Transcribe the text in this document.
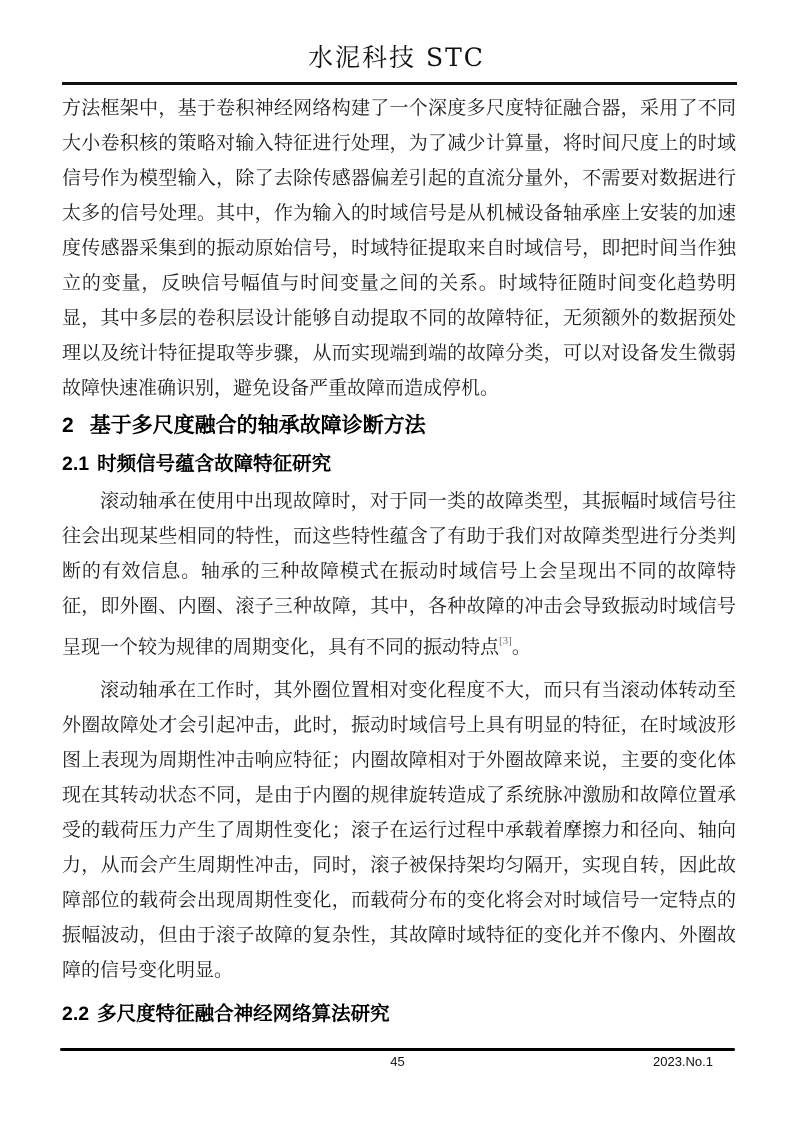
水泥科技 STC

方法框架中，基于卷积神经网络构建了一个深度多尺度特征融合器，采用了不同大小卷积核的策略对输入特征进行处理，为了减少计算量，将时间尺度上的时域信号作为模型输入，除了去除传感器偏差引起的直流分量外，不需要对数据进行太多的信号处理。其中，作为输入的时域信号是从机械设备轴承座上安装的加速度传感器采集到的振动原始信号，时域特征提取来自时域信号，即把时间当作独立的变量，反映信号幅值与时间变量之间的关系。时域特征随时间变化趋势明显，其中多层的卷积层设计能够自动提取不同的故障特征，无须额外的数据预处理以及统计特征提取等步骤，从而实现端到端的故障分类，可以对设备发生微弱故障快速准确识别，避免设备严重故障而造成停机。

2 基于多尺度融合的轴承故障诊断方法
2.1 时频信号蕴含故障特征研究

滚动轴承在使用中出现故障时，对于同一类的故障类型，其振幅时域信号往往会出现某些相同的特性，而这些特性蕴含了有助于我们对故障类型进行分类判断的有效信息。轴承的三种故障模式在振动时域信号上会呈现出不同的故障特征，即外圈、内圈、滚子三种故障，其中，各种故障的冲击会导致振动时域信号呈现一个较为规律的周期变化，具有不同的振动特点[3]。

滚动轴承在工作时，其外圈位置相对变化程度不大，而只有当滚动体转动至外圈故障处才会引起冲击，此时，振动时域信号上具有明显的特征，在时域波形图上表现为周期性冲击响应特征；内圈故障相对于外圈故障来说，主要的变化体现在其转动状态不同，是由于内圈的规律旋转造成了系统脉冲激励和故障位置承受的载荷压力产生了周期性变化；滚子在运行过程中承载着摩擦力和径向、轴向力，从而会产生周期性冲击，同时，滚子被保持架均匀隔开，实现自转，因此故障部位的载荷会出现周期性变化，而载荷分布的变化将会对时域信号一定特点的振幅波动，但由于滚子故障的复杂性，其故障时域特征的变化并不像内、外圈故障的信号变化明显。

2.2 多尺度特征融合神经网络算法研究
45	2023.No.1
